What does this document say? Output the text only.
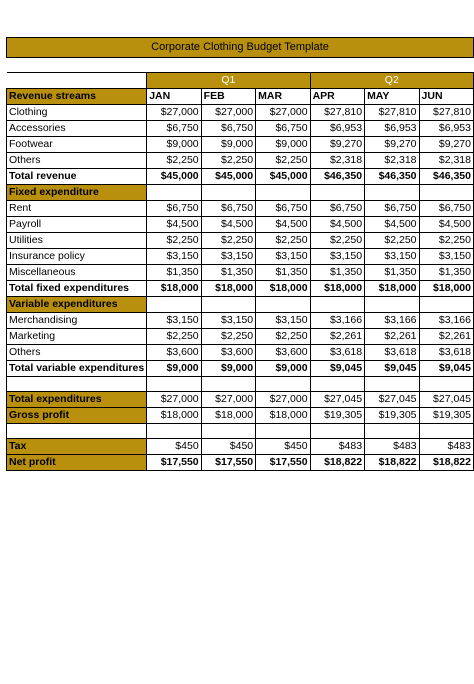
Corporate Clothing Budget Template						

	Q1			Q2		
Revenue streams	JAN	FEB	MAR	APR	MAY	JUN
Clothing	$27,000	$27,000	$27,000	$27,810	$27,810	$27,810
Accessories	$6,750	$6,750	$6,750	$6,953	$6,953	$6,953
Footwear	$9,000	$9,000	$9,000	$9,270	$9,270	$9,270
Others	$2,250	$2,250	$2,250	$2,318	$2,318	$2,318
Total revenue	$45,000	$45,000	$45,000	$46,350	$46,350	$46,350
Fixed expenditure						
Rent	$6,750	$6,750	$6,750	$6,750	$6,750	$6,750
Payroll	$4,500	$4,500	$4,500	$4,500	$4,500	$4,500
Utilities	$2,250	$2,250	$2,250	$2,250	$2,250	$2,250
Insurance policy	$3,150	$3,150	$3,150	$3,150	$3,150	$3,150
Miscellaneous	$1,350	$1,350	$1,350	$1,350	$1,350	$1,350
Total fixed expenditures	$18,000	$18,000	$18,000	$18,000	$18,000	$18,000
Variable expenditures						
Merchandising	$3,150	$3,150	$3,150	$3,166	$3,166	$3,166
Marketing	$2,250	$2,250	$2,250	$2,261	$2,261	$2,261
Others	$3,600	$3,600	$3,600	$3,618	$3,618	$3,618
Total variable expenditures	$9,000	$9,000	$9,000	$9,045	$9,045	$9,045

Total expenditures	$27,000	$27,000	$27,000	$27,045	$27,045	$27,045
Gross profit	$18,000	$18,000	$18,000	$19,305	$19,305	$19,305

Tax	$450	$450	$450	$483	$483	$483
Net profit	$17,550	$17,550	$17,550	$18,822	$18,822	$18,822
